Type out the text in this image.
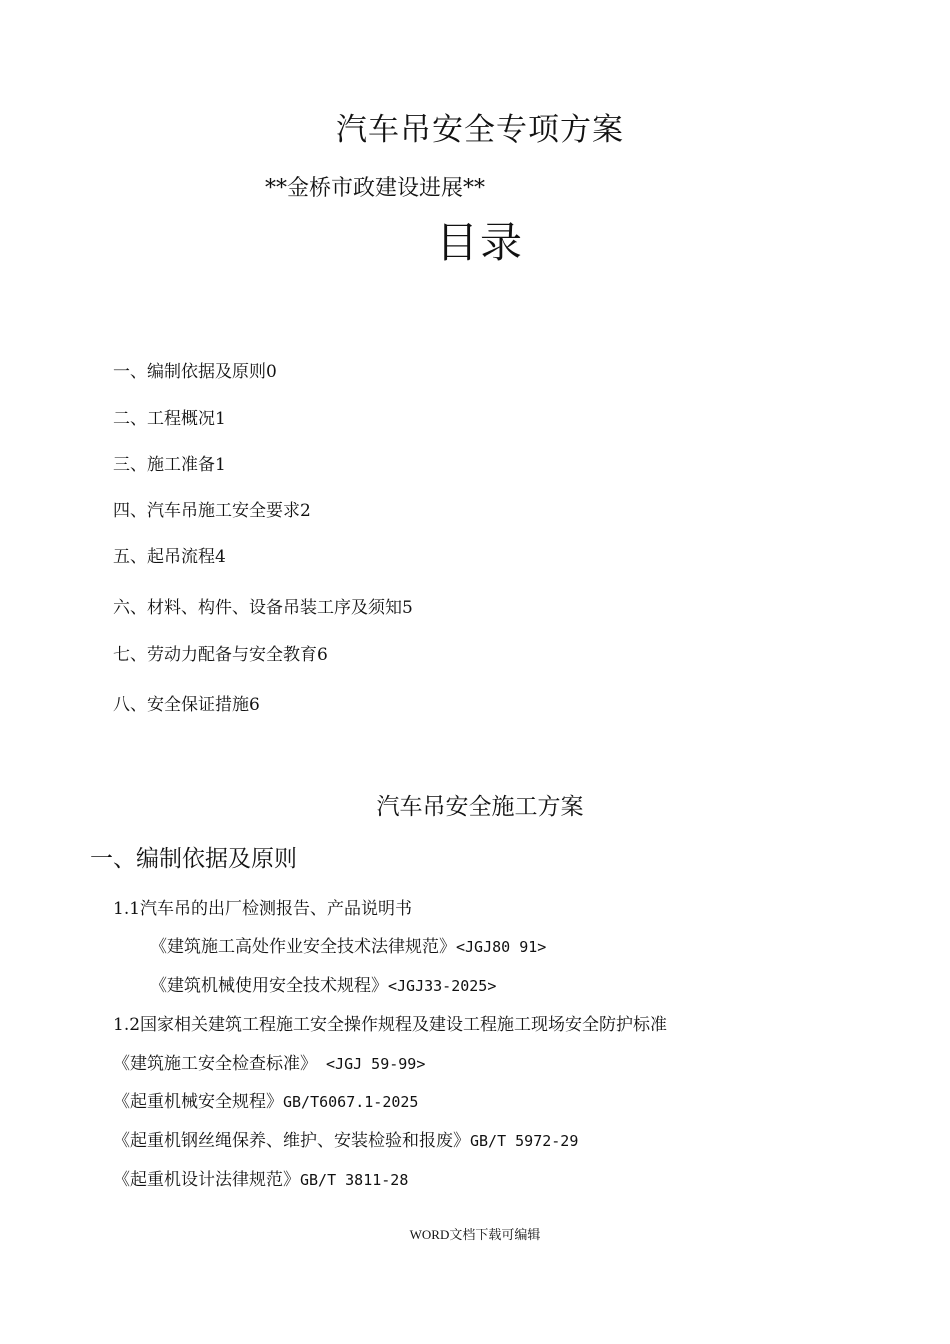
汽车吊安全专项方案
**金桥市政建设进展**
目录
一、编制依据及原则0
二、工程概况1
三、施工准备1
四、汽车吊施工安全要求2
五、起吊流程4
六、材料、构件、设备吊装工序及须知5
七、劳动力配备与安全教育6
八、安全保证措施6
汽车吊安全施工方案
一、编制依据及原则
1.1汽车吊的出厂检测报告、产品说明书
《建筑施工高处作业安全技术法律规范》<JGJ80 91>
《建筑机械使用安全技术规程》<JGJ33-2025>
1.2国家相关建筑工程施工安全操作规程及建设工程施工现场安全防护标准
《建筑施工安全检查标准》 <JGJ 59-99>
《起重机械安全规程》GB/T6067.1-2025
《起重机钢丝绳保养、维护、安装检验和报废》GB/T 5972-29
《起重机设计法律规范》GB/T 3811-28
WORD文档下载可编辑
